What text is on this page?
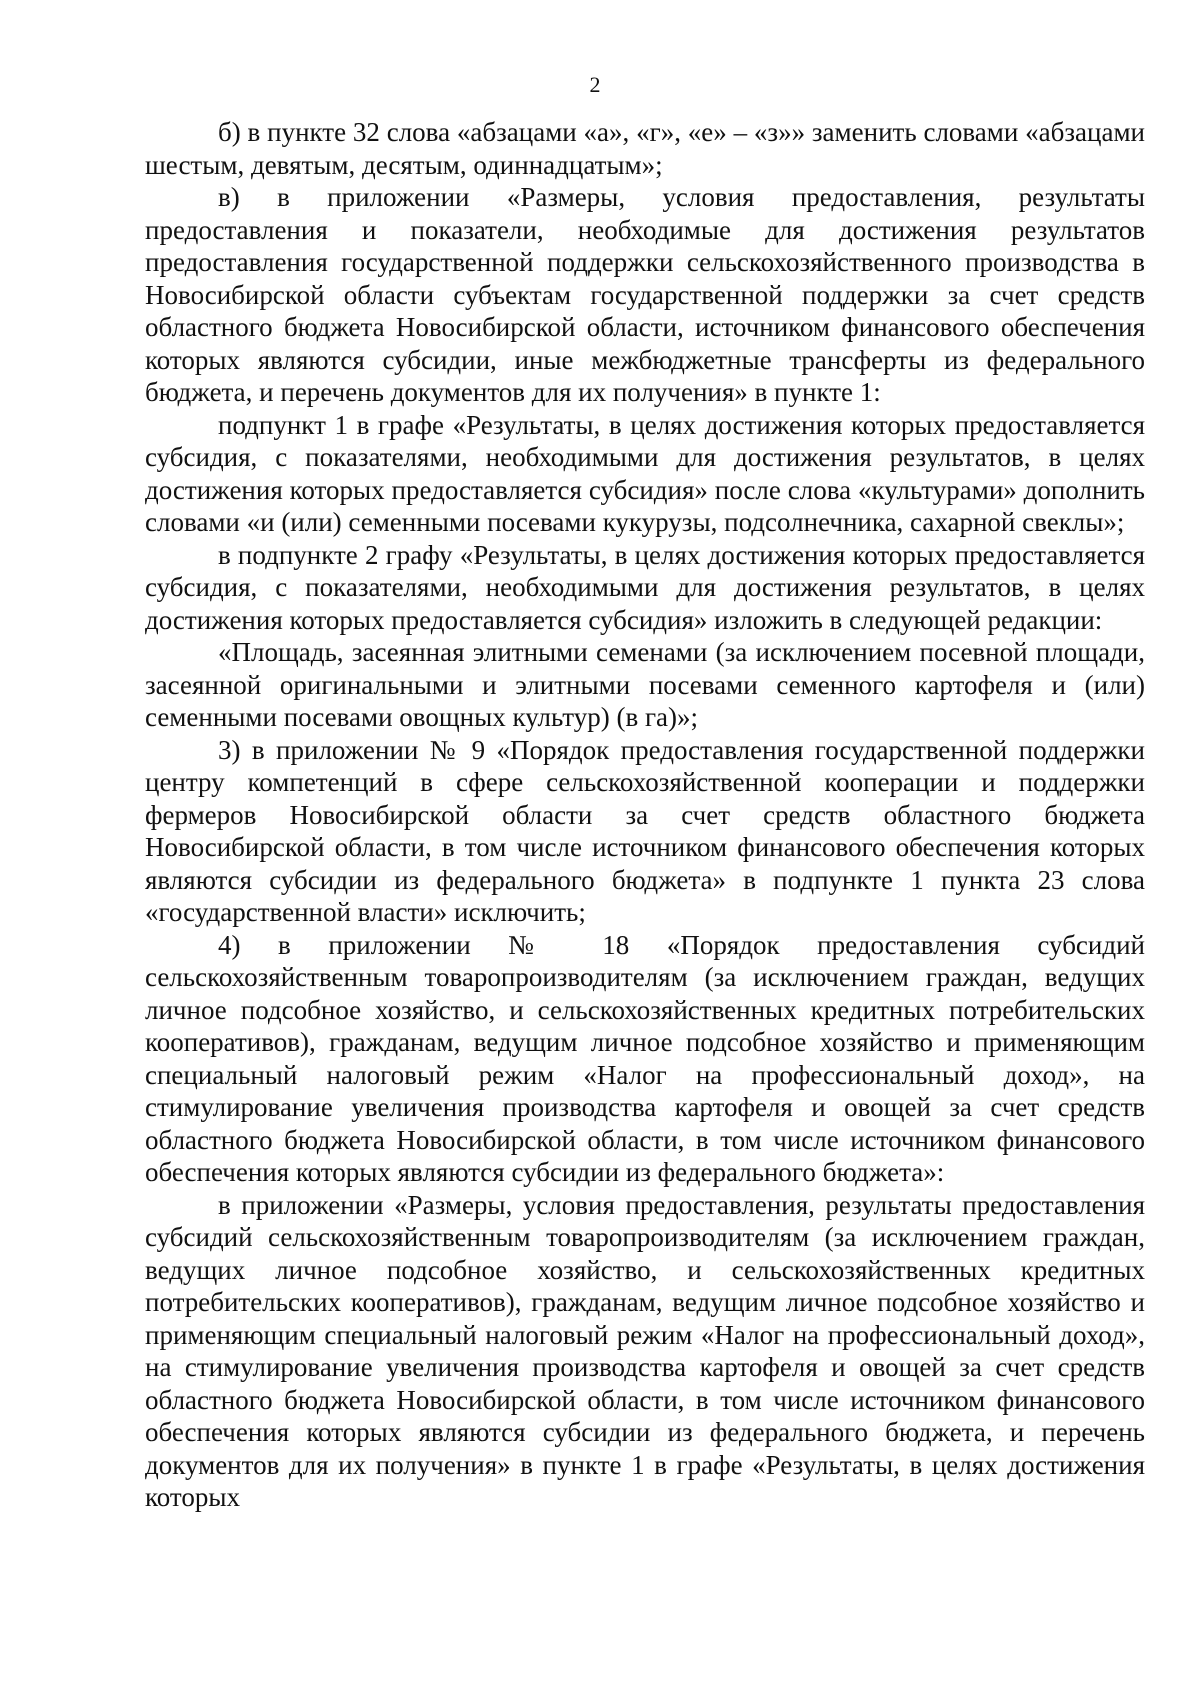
2

б) в пункте 32 слова «абзацами «а», «г», «е» – «з»» заменить словами «абзацами шестым, девятым, десятым, одиннадцатым»;

в) в приложении «Размеры, условия предоставления, результаты предоставления и показатели, необходимые для достижения результатов предоставления государственной поддержки сельскохозяйственного производства в Новосибирской области субъектам государственной поддержки за счет средств областного бюджета Новосибирской области, источником финансового обеспечения которых являются субсидии, иные межбюджетные трансферты из федерального бюджета, и перечень документов для их получения» в пункте 1:

подпункт 1 в графе «Результаты, в целях достижения которых предоставляется субсидия, с показателями, необходимыми для достижения результатов, в целях достижения которых предоставляется субсидия» после слова «культурами» дополнить словами «и (или) семенными посевами кукурузы, подсолнечника, сахарной свеклы»;

в подпункте 2 графу «Результаты, в целях достижения которых предоставляется субсидия, с показателями, необходимыми для достижения результатов, в целях достижения которых предоставляется субсидия» изложить в следующей редакции:

«Площадь, засеянная элитными семенами (за исключением посевной площади, засеянной оригинальными и элитными посевами семенного картофеля и (или) семенными посевами овощных культур) (в га)»;

3) в приложении № 9 «Порядок предоставления государственной поддержки центру компетенций в сфере сельскохозяйственной кооперации и поддержки фермеров Новосибирской области за счет средств областного бюджета Новосибирской области, в том числе источником финансового обеспечения которых являются субсидии из федерального бюджета» в подпункте 1 пункта 23 слова «государственной власти» исключить;

4) в приложении № 18 «Порядок предоставления субсидий сельскохозяйственным товаропроизводителям (за исключением граждан, ведущих личное подсобное хозяйство, и сельскохозяйственных кредитных потребительских кооперативов), гражданам, ведущим личное подсобное хозяйство и применяющим специальный налоговый режим «Налог на профессиональный доход», на стимулирование увеличения производства картофеля и овощей за счет средств областного бюджета Новосибирской области, в том числе источником финансового обеспечения которых являются субсидии из федерального бюджета»:

в приложении «Размеры, условия предоставления, результаты предоставления субсидий сельскохозяйственным товаропроизводителям (за исключением граждан, ведущих личное подсобное хозяйство, и сельскохозяйственных кредитных потребительских кооперативов), гражданам, ведущим личное подсобное хозяйство и применяющим специальный налоговый режим «Налог на профессиональный доход», на стимулирование увеличения производства картофеля и овощей за счет средств областного бюджета Новосибирской области, в том числе источником финансового обеспечения которых являются субсидии из федерального бюджета, и перечень документов для их получения» в пункте 1 в графе «Результаты, в целях достижения которых
